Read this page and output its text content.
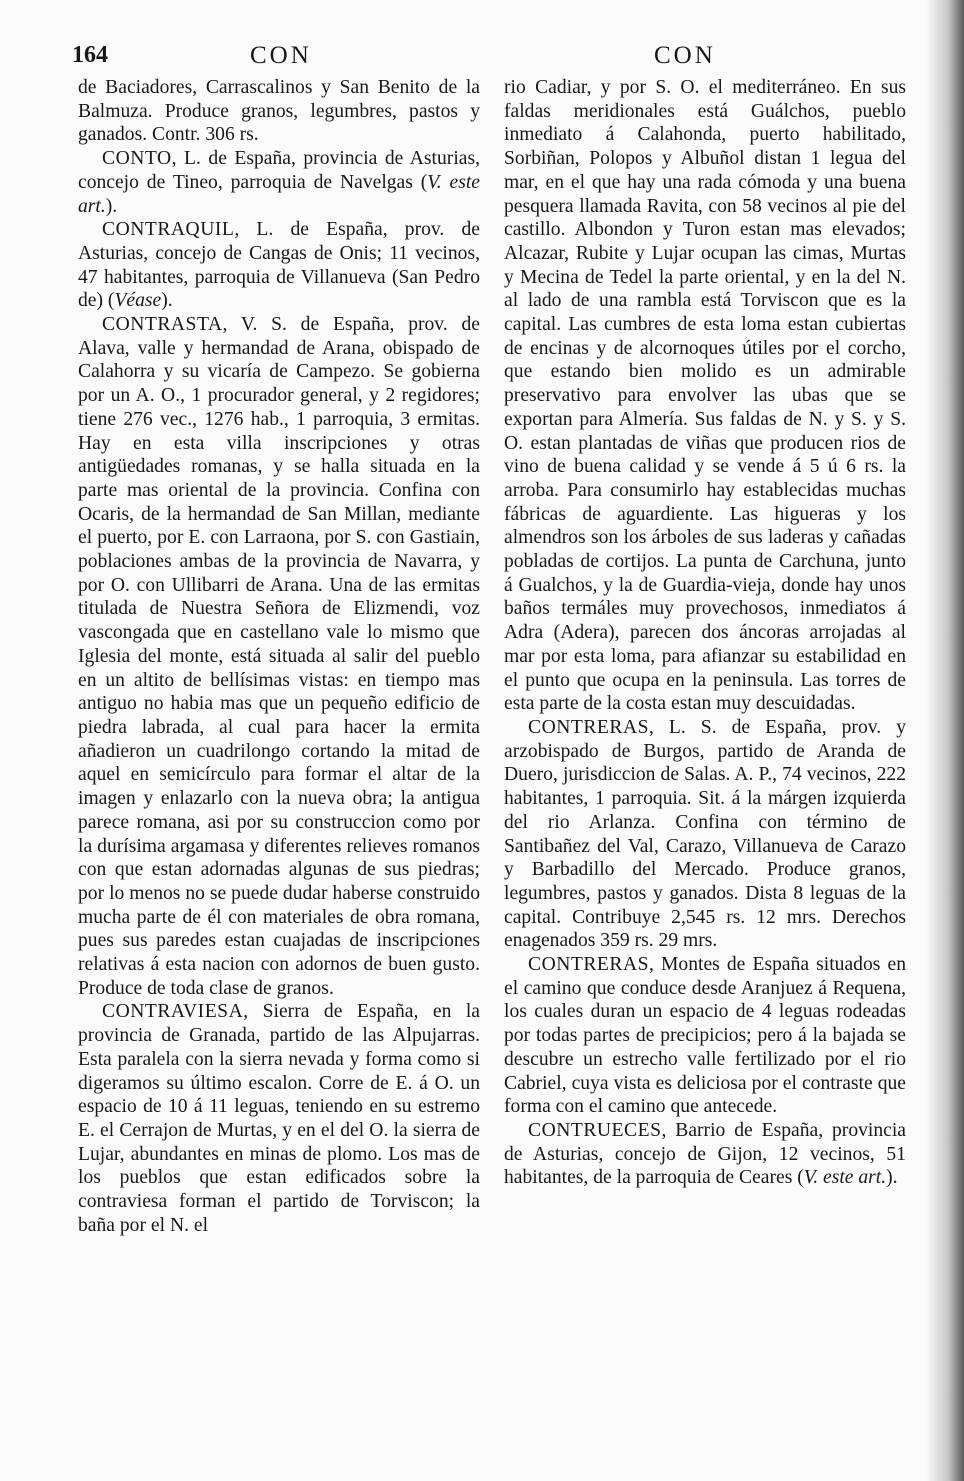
164	CON	CON

de Baciadores, Carrascalinos y San Benito de la Balmuza. Produce granos, legumbres, pastos y ganados. Contr. 306 rs.

CONTO, L. de España, provincia de Asturias, concejo de Tineo, parroquia de Navelgas (V. este art.).

CONTRAQUIL, L. de España, prov. de Asturias, concejo de Cangas de Onis; 11 vecinos, 47 habitantes, parroquia de Villanueva (San Pedro de) (Véase).

CONTRASTA, V. S. de España, prov. de Alava, valle y hermandad de Arana, obispado de Calahorra y su vicaría de Campezo. Se gobierna por un A. O., 1 procurador general, y 2 regidores; tiene 276 vec., 1276 hab., 1 parroquia, 3 ermitas. Hay en esta villa inscripciones y otras antigüedades romanas, y se halla situada en la parte mas oriental de la provincia. Confina con Ocaris, de la hermandad de San Millan, mediante el puerto, por E. con Larraona, por S. con Gastiain, poblaciones ambas de la provincia de Navarra, y por O. con Ullibarri de Arana. Una de las ermitas titulada de Nuestra Señora de Elizmendi, voz vascongada que en castellano vale lo mismo que Iglesia del monte, está situada al salir del pueblo en un altito de bellísimas vistas: en tiempo mas antiguo no habia mas que un pequeño edificio de piedra labrada, al cual para hacer la ermita añadieron un cuadrilongo cortando la mitad de aquel en semicírculo para formar el altar de la imagen y enlazarlo con la nueva obra; la antigua parece romana, asi por su construccion como por la durísima argamasa y diferentes relieves romanos con que estan adornadas algunas de sus piedras; por lo menos no se puede dudar haberse construido mucha parte de él con materiales de obra romana, pues sus paredes estan cuajadas de inscripciones relativas á esta nacion con adornos de buen gusto. Produce de toda clase de granos.

CONTRAVIESA, Sierra de España, en la provincia de Granada, partido de las Alpujarras. Esta paralela con la sierra nevada y forma como si digeramos su último escalon. Corre de E. á O. un espacio de 10 á 11 leguas, teniendo en su estremo E. el Cerrajon de Murtas, y en el del O. la sierra de Lujar, abundantes en minas de plomo. Los mas de los pueblos que estan edificados sobre la contraviesa forman el partido de Torviscon; la baña por el N. el

rio Cadiar, y por S. O. el mediterráneo. En sus faldas meridionales está Guálchos, pueblo inmediato á Calahonda, puerto habilitado, Sorbiñan, Polopos y Albuñol distan 1 legua del mar, en el que hay una rada cómoda y una buena pesquera llamada Ravita, con 58 vecinos al pie del castillo. Albondon y Turon estan mas elevados; Alcazar, Rubite y Lujar ocupan las cimas, Murtas y Mecina de Tedel la parte oriental, y en la del N. al lado de una rambla está Torviscon que es la capital. Las cumbres de esta loma estan cubiertas de encinas y de alcornoques útiles por el corcho, que estando bien molido es un admirable preservativo para envolver las ubas que se exportan para Almería. Sus faldas de N. y S. y S. O. estan plantadas de viñas que producen rios de vino de buena calidad y se vende á 5 ú 6 rs. la arroba. Para consumirlo hay establecidas muchas fábricas de aguardiente. Las higueras y los almendros son los árboles de sus laderas y cañadas pobladas de cortijos. La punta de Carchuna, junto á Gualchos, y la de Guardia-vieja, donde hay unos baños termáles muy provechosos, inmediatos á Adra (Adera), parecen dos áncoras arrojadas al mar por esta loma, para afianzar su estabilidad en el punto que ocupa en la peninsula. Las torres de esta parte de la costa estan muy descuidadas.

CONTRERAS, L. S. de España, prov. y arzobispado de Burgos, partido de Aranda de Duero, jurisdiccion de Salas. A. P., 74 vecinos, 222 habitantes, 1 parroquia. Sit. á la márgen izquierda del rio Arlanza. Confina con término de Santibañez del Val, Carazo, Villanueva de Carazo y Barbadillo del Mercado. Produce granos, legumbres, pastos y ganados. Dista 8 leguas de la capital. Contribuye 2,545 rs. 12 mrs. Derechos enagenados 359 rs. 29 mrs.

CONTRERAS, Montes de España situados en el camino que conduce desde Aranjuez á Requena, los cuales duran un espacio de 4 leguas rodeadas por todas partes de precipicios; pero á la bajada se descubre un estrecho valle fertilizado por el rio Cabriel, cuya vista es deliciosa por el contraste que forma con el camino que antecede.

CONTRUECES, Barrio de España, provincia de Asturias, concejo de Gijon, 12 vecinos, 51 habitantes, de la parroquia de Ceares (V. este art.).
